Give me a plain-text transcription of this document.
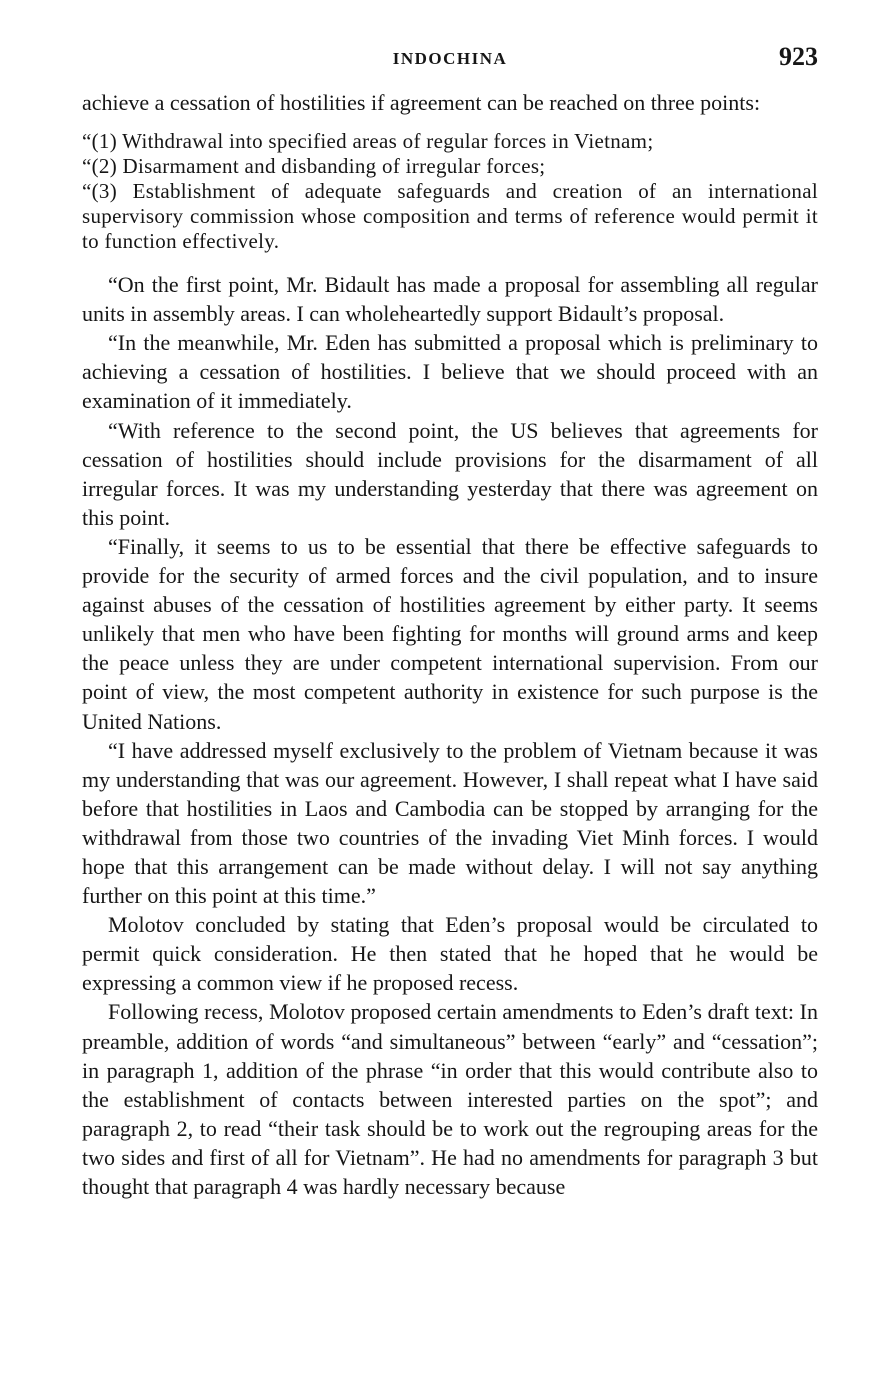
INDOCHINA	923

achieve a cessation of hostilities if agreement can be reached on three points:

“(1) Withdrawal into specified areas of regular forces in Vietnam;

“(2) Disarmament and disbanding of irregular forces;

“(3) Establishment of adequate safeguards and creation of an international supervisory commission whose composition and terms of reference would permit it to function effectively.

“On the first point, Mr. Bidault has made a proposal for assembling all regular units in assembly areas. I can wholeheartedly support Bidault’s proposal.

“In the meanwhile, Mr. Eden has submitted a proposal which is preliminary to achieving a cessation of hostilities. I believe that we should proceed with an examination of it immediately.

“With reference to the second point, the US believes that agreements for cessation of hostilities should include provisions for the disarmament of all irregular forces. It was my understanding yesterday that there was agreement on this point.

“Finally, it seems to us to be essential that there be effective safeguards to provide for the security of armed forces and the civil population, and to insure against abuses of the cessation of hostilities agreement by either party. It seems unlikely that men who have been fighting for months will ground arms and keep the peace unless they are under competent international supervision. From our point of view, the most competent authority in existence for such purpose is the United Nations.

“I have addressed myself exclusively to the problem of Vietnam because it was my understanding that was our agreement. However, I shall repeat what I have said before that hostilities in Laos and Cambodia can be stopped by arranging for the withdrawal from those two countries of the invading Viet Minh forces. I would hope that this arrangement can be made without delay. I will not say anything further on this point at this time.”

Molotov concluded by stating that Eden’s proposal would be circulated to permit quick consideration. He then stated that he hoped that he would be expressing a common view if he proposed recess.

Following recess, Molotov proposed certain amendments to Eden’s draft text: In preamble, addition of words “and simultaneous” between “early” and “cessation”; in paragraph 1, addition of the phrase “in order that this would contribute also to the establishment of contacts between interested parties on the spot”; and paragraph 2, to read “their task should be to work out the regrouping areas for the two sides and first of all for Vietnam”. He had no amendments for paragraph 3 but thought that paragraph 4 was hardly necessary because
